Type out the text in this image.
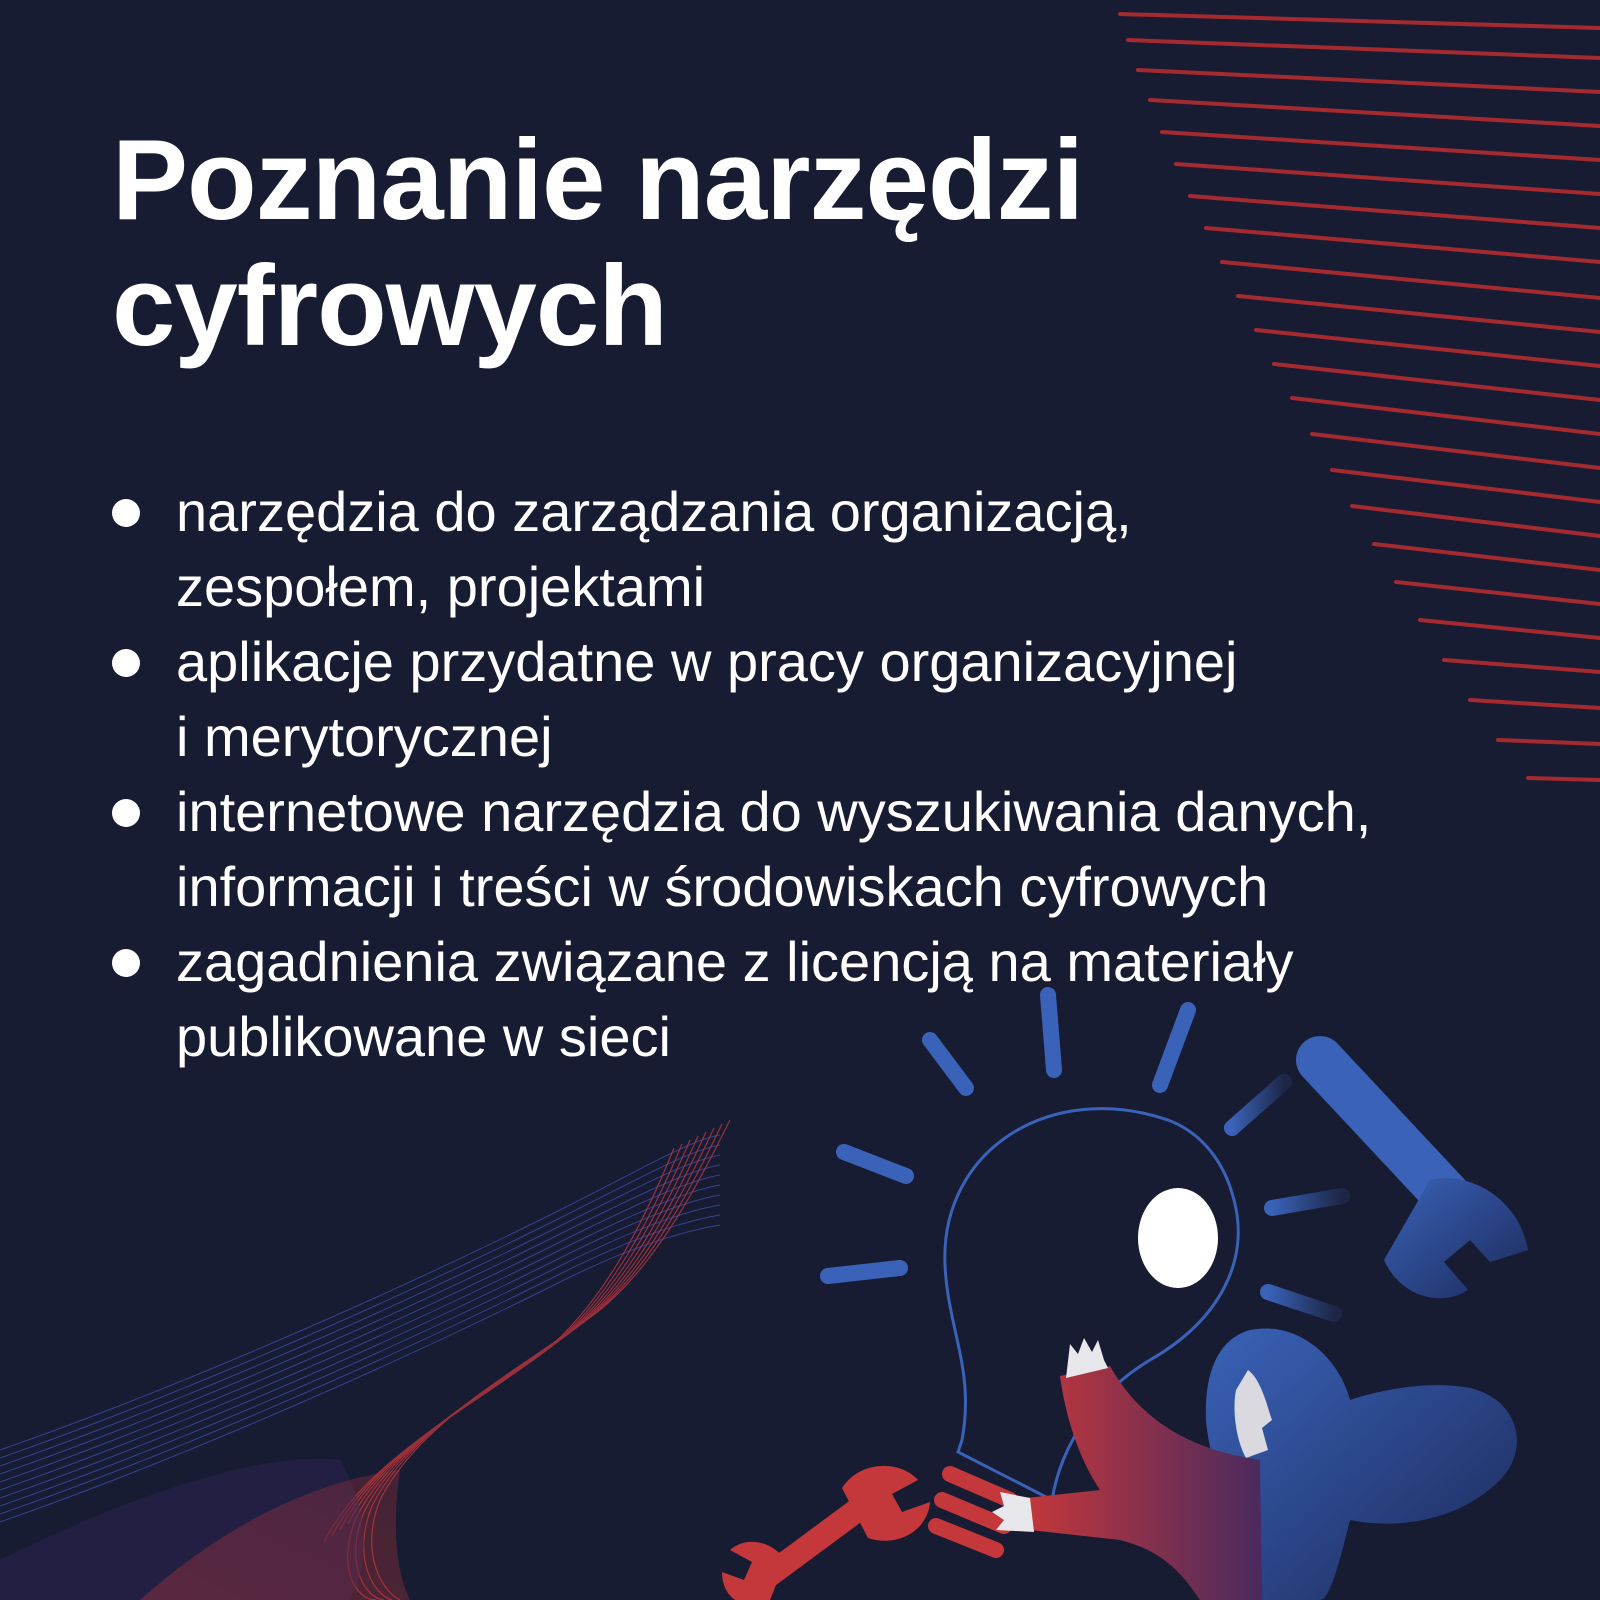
Poznanie narzędzi
cyfrowych
narzędzia do zarządzania organizacją,
zespołem, projektami
aplikacje przydatne w pracy organizacyjnej
i merytorycznej
internetowe narzędzia do wyszukiwania danych,
informacji i treści w środowiskach cyfrowych
zagadnienia związane z licencją na materiały
publikowane w sieci
